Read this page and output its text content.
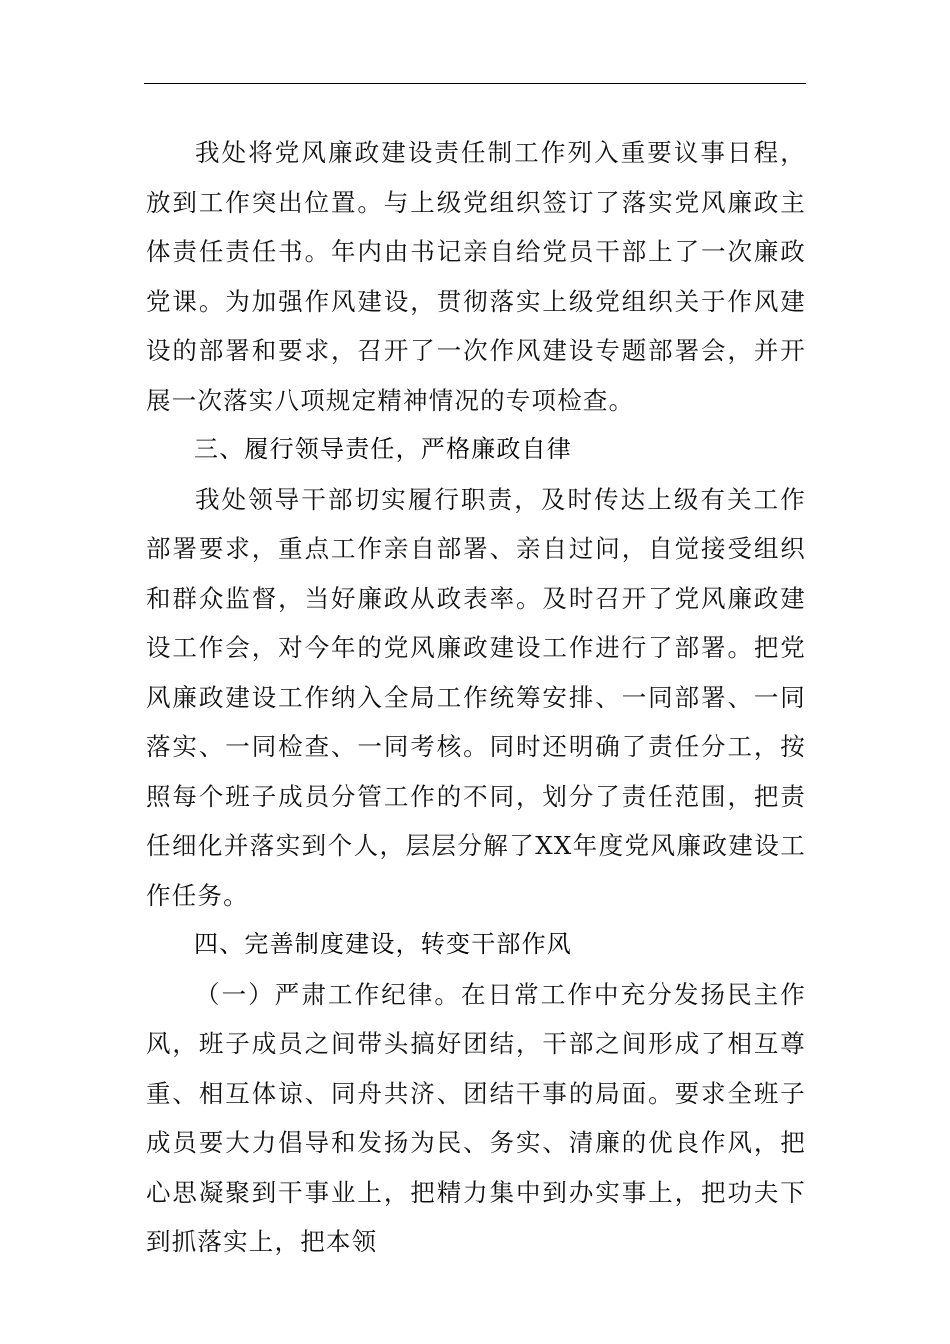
我处将党风廉政建设责任制工作列入重要议事日程，放到工作突出位置。与上级党组织签订了落实党风廉政主体责任责任书。年内由书记亲自给党员干部上了一次廉政党课。为加强作风建设，贯彻落实上级党组织关于作风建设的部署和要求，召开了一次作风建设专题部署会，并开展一次落实八项规定精神情况的专项检查。

三、履行领导责任，严格廉政自律

我处领导干部切实履行职责，及时传达上级有关工作部署要求，重点工作亲自部署、亲自过问，自觉接受组织和群众监督，当好廉政从政表率。及时召开了党风廉政建设工作会，对今年的党风廉政建设工作进行了部署。把党风廉政建设工作纳入全局工作统筹安排、一同部署、一同落实、一同检查、一同考核。同时还明确了责任分工，按照每个班子成员分管工作的不同，划分了责任范围，把责任细化并落实到个人，层层分解了XX年度党风廉政建设工作任务。

四、完善制度建设，转变干部作风

（一）严肃工作纪律。在日常工作中充分发扬民主作风，班子成员之间带头搞好团结，干部之间形成了相互尊重、相互体谅、同舟共济、团结干事的局面。要求全班子成员要大力倡导和发扬为民、务实、清廉的优良作风，把心思凝聚到干事业上，把精力集中到办实事上，把功夫下到抓落实上，把本领
